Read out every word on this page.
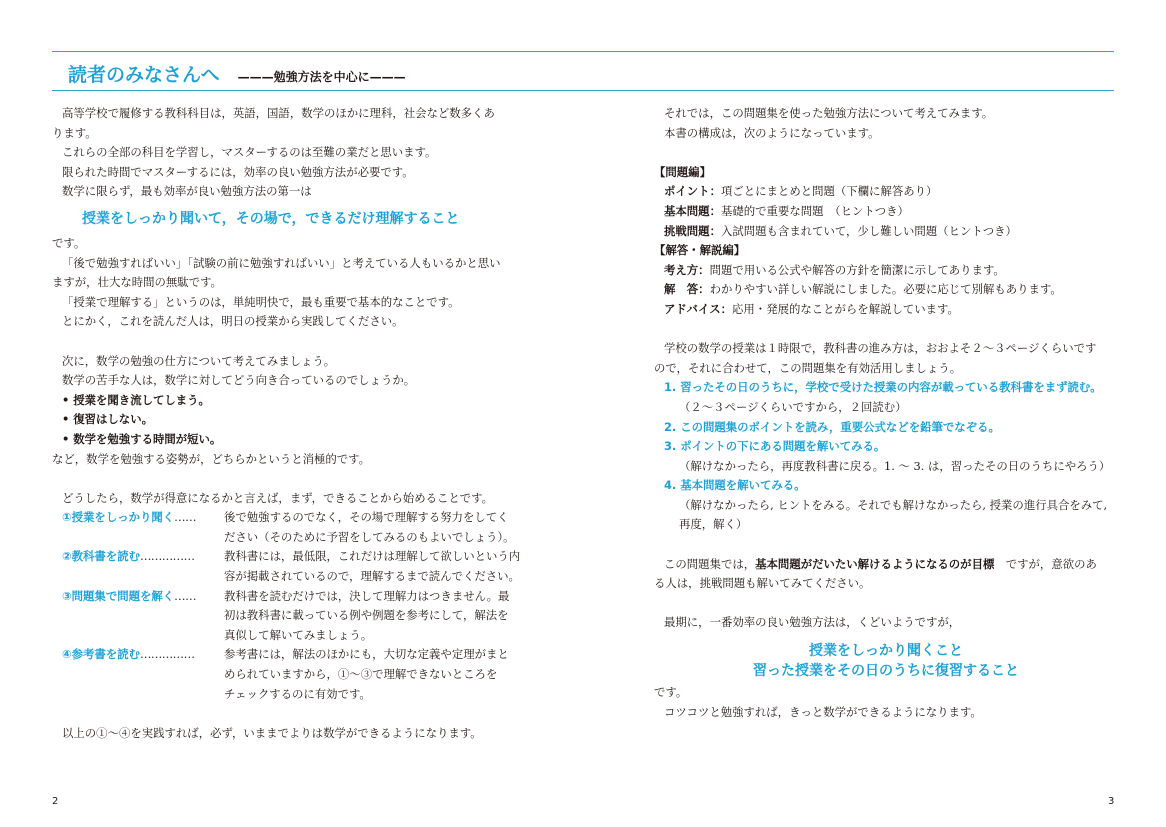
読者のみなさんへ ———勉強方法を中心に———
高等学校で履修する教科科目は，英語，国語，数学のほかに理科，社会など数多くあ
ります。
これらの全部の科目を学習し，マスターするのは至難の業だと思います。
限られた時間でマスターするには，効率の良い勉強方法が必要です。
数学に限らず，最も効率が良い勉強方法の第一は
授業をしっかり聞いて，その場で，できるだけ理解すること
です。
「後で勉強すればいい」「試験の前に勉強すればいい」と考えている人もいるかと思い
ますが，壮大な時間の無駄です。
「授業で理解する」というのは，単純明快で，最も重要で基本的なことです。
とにかく，これを読んだ人は，明日の授業から実践してください。
次に，数学の勉強の仕方について考えてみましょう。
数学の苦手な人は，数学に対してどう向き合っているのでしょうか。
• 授業を聞き流してしまう。
• 復習はしない。
• 数学を勉強する時間が短い。
など，数学を勉強する姿勢が，どちらかというと消極的です。
どうしたら，数学が得意になるかと言えば，まず，できることから始めることです。
①授業をしっかり聞く ……	後で勉強するのでなく，その場で理解する努力をしてく
ださい（そのために予習をしてみるのもよいでしょう）。
②教科書を読む ……………	教科書には，最低限，これだけは理解して欲しいという内
容が掲載されているので，理解するまで読んでください。
③問題集で問題を解く ……	教科書を読むだけでは，決して理解力はつきません。最
初は教科書に載っている例や例題を参考にして，解法を
真似して解いてみましょう。
④参考書を読む ……………	参考書には，解法のほかにも，大切な定義や定理がまと
められていますから，①〜③で理解できないところを
チェックするのに有効です。
以上の①〜④を実践すれば，必ず，いままでよりは数学ができるようになります。
それでは，この問題集を使った勉強方法について考えてみます。
本書の構成は，次のようになっています。
【問題編】
ポイント：項ごとにまとめと問題（下欄に解答あり）
基本問題：基礎的で重要な問題　（ヒントつき）
挑戦問題：入試問題も含まれていて，少し難しい問題（ヒントつき）
【解答・解説編】
考え方：問題で用いる公式や解答の方針を簡潔に示してあります。
解　答：わかりやすい詳しい解説にしました。必要に応じて別解もあります。
アドバイス：応用・発展的なことがらを解説しています。
学校の数学の授業は１時限で，教科書の進み方は，おおよそ２〜３ページくらいです
ので，それに合わせて，この問題集を有効活用しましょう。
1. 習ったその日のうちに，学校で受けた授業の内容が載っている教科書をまず読む。
（２〜３ページくらいですから，２回読む）
2. この問題集のポイントを読み，重要公式などを鉛筆でなぞる。
3. ポイントの下にある問題を解いてみる。
（解けなかったら，再度教科書に戻る。1. 〜 3. は，習ったその日のうちにやろう）
4. 基本問題を解いてみる。
（解けなかったら, ヒントをみる。それでも解けなかったら, 授業の進行具合をみて,
再度，解く）
この問題集では，基本問題がだいたい解けるようになるのが目標　ですが，意欲のあ
る人は，挑戦問題も解いてみてください。
最期に，一番効率の良い勉強方法は，くどいようですが，
授業をしっかり聞くこと
習った授業をその日のうちに復習すること
です。
コツコツと勉強すれば，きっと数学ができるようになります。
2	3
